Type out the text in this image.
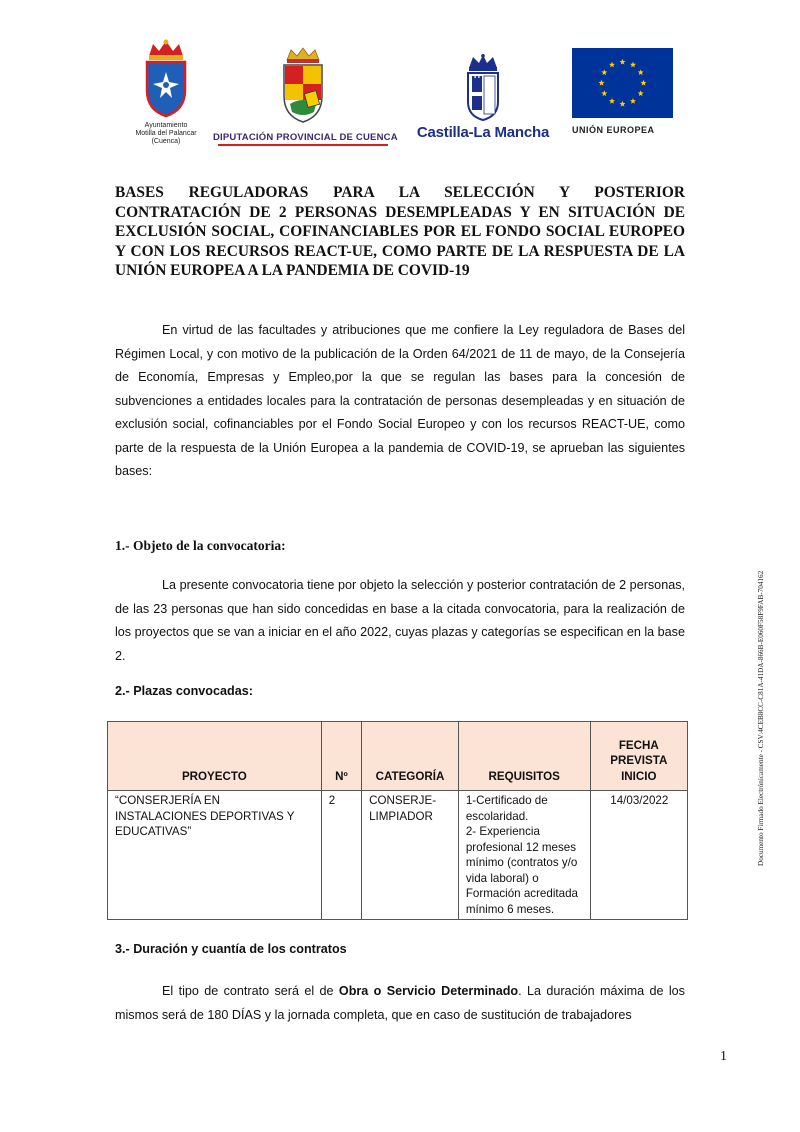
Ayuntamiento
Motilla del Palancar
(Cuenca)	DIPUTACIÓN PROVINCIAL DE CUENCA	Castilla-La Mancha	UNIÓN EUROPEA

BASES REGULADORAS PARA LA SELECCIÓN Y POSTERIOR CONTRATACIÓN DE 2 PERSONAS DESEMPLEADAS Y EN SITUACIÓN DE EXCLUSIÓN SOCIAL, COFINANCIABLES POR EL FONDO SOCIAL EUROPEO Y CON LOS RECURSOS REACT-UE, COMO PARTE DE LA RESPUESTA DE LA UNIÓN EUROPEA A LA PANDEMIA DE COVID-19

En virtud de las facultades y atribuciones que me confiere la Ley reguladora de Bases del Régimen Local, y con motivo de la publicación de la Orden 64/2021 de 11 de mayo, de la Consejería de Economía, Empresas y Empleo,por la que se regulan las bases para la concesión de subvenciones a entidades locales para la contratación de personas desempleadas y en situación de exclusión social, cofinanciables por el Fondo Social Europeo y con los recursos REACT-UE, como parte de la respuesta de la Unión Europea a la pandemia de COVID-19, se aprueban las siguientes bases:

1.- Objeto de la convocatoria:

La presente convocatoria tiene por objeto la selección y posterior contratación de 2 personas, de las 23 personas que han sido concedidas en base a la citada convocatoria, para la realización de los proyectos que se van a iniciar en el año 2022, cuyas plazas y categorías se especifican en la base 2.

2.- Plazas convocadas:

PROYECTO	Nº	CATEGORÍA	REQUISITOS	FECHA
PREVISTA
INICIO

“CONSERJERÍA EN INSTALACIONES DEPORTIVAS Y EDUCATIVAS”	2	CONSERJE-LIMPIADOR	1-Certificado de escolaridad.
2- Experiencia profesional 12 meses mínimo (contratos y/o vida laboral) o Formación acreditada mínimo 6 meses.	14/03/2022

3.- Duración y cuantía de los contratos

El tipo de contrato será el de Obra o Servicio Determinado. La duración máxima de los mismos será de 180 DÍAS y la jornada completa, que en caso de sustitución de trabajadores

Documento Firmado Electrónicamente - CSV:4CEB8CC-C81A-41DA-866B-E060F58F9FAB-704162
1
